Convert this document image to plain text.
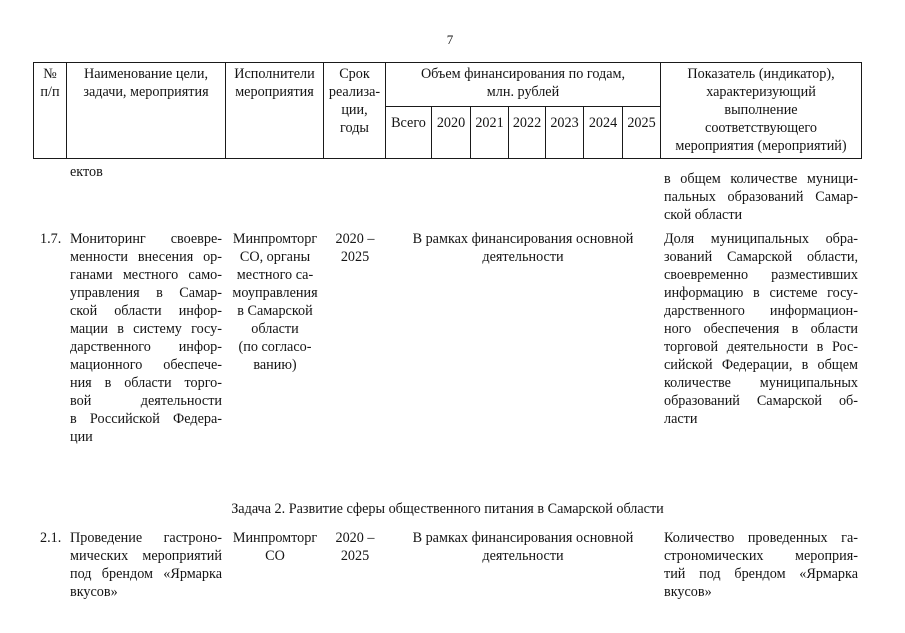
7
№
п/п
Наименование цели,
задачи, мероприятия
Исполнители
мероприятия
Срок
реализа-
ции,
годы
Объем финансирования по годам,
млн. рублей
Всего 2020 2021 2022 2023 2024 2025
Показатель (индикатор),
характеризующий
выполнение
соответствующего
мероприятия (мероприятий)
ектов	в общем количестве муници-
пальных образований Самар-
ской области
1.7. Мониторинг своевре-
менности внесения ор-
ганами местного само-
управления в Самар-
ской области инфор-
мации в систему госу-
дарственного инфор-
мационного обеспече-
ния в области торго-
вой деятельности
в Российской Федера-
ции
Минпромторг
СО, органы
местного са-
моуправления
в Самарской
области
(по согласо-
ванию)
2020 –
2025
В рамках финансирования основной
деятельности
Доля муниципальных обра-
зований Самарской области,
своевременно разместивших
информацию в системе госу-
дарственного информацион-
ного обеспечения в области
торговой деятельности в Рос-
сийской Федерации, в общем
количестве муниципальных
образований Самарской об-
ласти
Задача 2. Развитие сферы общественного питания в Самарской области
2.1. Проведение гастроно-
мических мероприятий
под брендом «Ярмарка
вкусов»
Минпромторг
СО
2020 –
2025
В рамках финансирования основной
деятельности
Количество проведенных га-
строномических мероприя-
тий под брендом «Ярмарка
вкусов»
